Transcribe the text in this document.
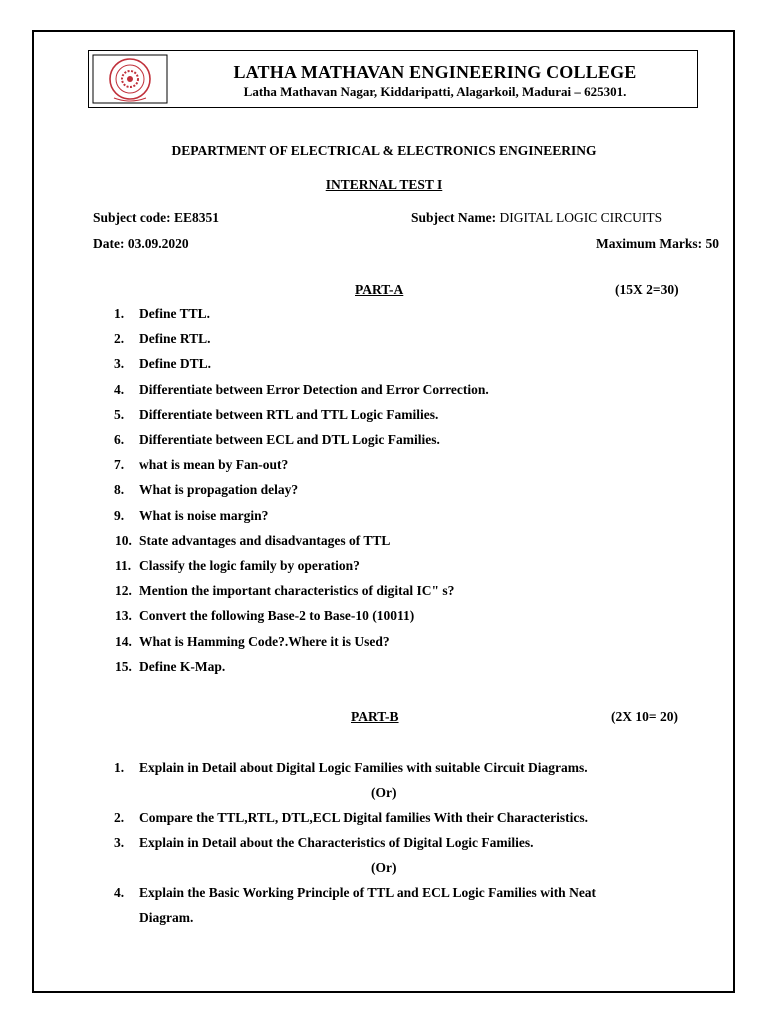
LATHA MATHAVAN ENGINEERING COLLEGE
Latha Mathavan Nagar, Kiddaripatti, Alagarkoil, Madurai – 625301.
DEPARTMENT OF ELECTRICAL & ELECTRONICS ENGINEERING
INTERNAL TEST I
Subject code: EE8351	Subject Name: DIGITAL LOGIC CIRCUITS
Date: 03.09.2020	Maximum Marks: 50
PART-A	(15X 2=30)
1. Define TTL.
2. Define RTL.
3. Define DTL.
4. Differentiate between Error Detection and Error Correction.
5. Differentiate between RTL and TTL Logic Families.
6. Differentiate between ECL and DTL Logic Families.
7. what is mean by Fan-out?
8. What is propagation delay?
9. What is noise margin?
10. State advantages and disadvantages of TTL
11. Classify the logic family by operation?
12. Mention the important characteristics of digital IC" s?
13. Convert the following Base-2 to Base-10 (10011)
14. What is Hamming Code?.Where it is Used?
15. Define K-Map.
PART-B	(2X 10= 20)
1. Explain in Detail about Digital Logic Families with suitable Circuit Diagrams.
(Or)
2. Compare the TTL,RTL, DTL,ECL Digital families With their Characteristics.
3. Explain in Detail about the Characteristics of Digital Logic Families.
(Or)
4. Explain the Basic Working Principle of TTL and ECL Logic Families with Neat
Diagram.
